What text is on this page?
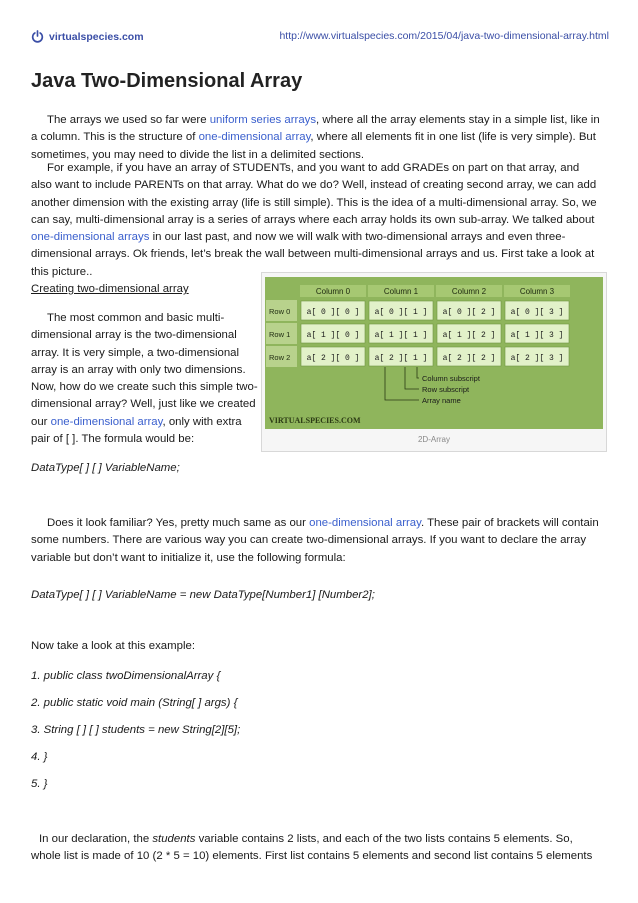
virtualspecies.com	http://www.virtualspecies.com/2015/04/java-two-dimensional-array.html
Java Two-Dimensional Array

The arrays we used so far were uniform series arrays, where all the array elements stay in a simple list, like in a column. This is the structure of one-dimensional array, where all elements fit in one list (life is very simple). But sometimes, you may need to divide the list in a delimited sections.

For example, if you have an array of STUDENTs, and you want to add GRADEs on part on that array, and also want to include PARENTs on that array. What do we do? Well, instead of creating second array, we can add another dimension with the existing array (life is still simple). This is the idea of a multi-dimensional array. So, we can say, multi-dimensional array is a series of arrays where each array holds its own sub-array. We talked about one-dimensional arrays in our last past, and now we will walk with two-dimensional arrays and even three-dimensional arrays. Ok friends, let’s break the wall between multi-dimensional arrays and us. First take a look at this picture..

Creating two-dimensional array

The most common and basic multi-dimensional array is the two-dimensional array. It is very simple, a two-dimensional array is an array with only two dimensions. Now, how do we create such this simple two-dimensional array? Well, just like we created our one-dimensional array, only with extra pair of [ ]. The formula would be:

Column 0	Column 1	Column 2	Column 3
Row 0 a[ 0 ][ 0 ] a[ 0 ][ 1 ] a[ 0 ][ 2 ] a[ 0 ][ 3 ]
Row 1 a[ 1 ][ 0 ] a[ 1 ][ 1 ] a[ 1 ][ 2 ] a[ 1 ][ 3 ]
Row 2 a[ 2 ][ 0 ] a[ 2 ][ 1 ] a[ 2 ][ 2 ] a[ 2 ][ 3 ]
Column subscript
Row subscript
Array name
VIRTUALSPECIES.COM
2D-Array

DataType[ ] [ ] VariableName;

Does it look familiar? Yes, pretty much same as our one-dimensional array. These pair of brackets will contain some numbers. There are various way you can create two-dimensional arrays. If you want to declare the array variable but don’t want to initialize it, use the following formula:

DataType[ ] [ ] VariableName = new DataType[Number1] [Number2];

Now take a look at this example:

1. public class twoDimensionalArray {

2. public static void main (String[ ] args) {

3. String [ ] [ ] students = new String[2][5];

4. }

5. }

In our declaration, the students variable contains 2 lists, and each of the two lists contains 5 elements. So, whole list is made of 10 (2 * 5 = 10) elements. First list contains 5 elements and second list contains 5 elements
